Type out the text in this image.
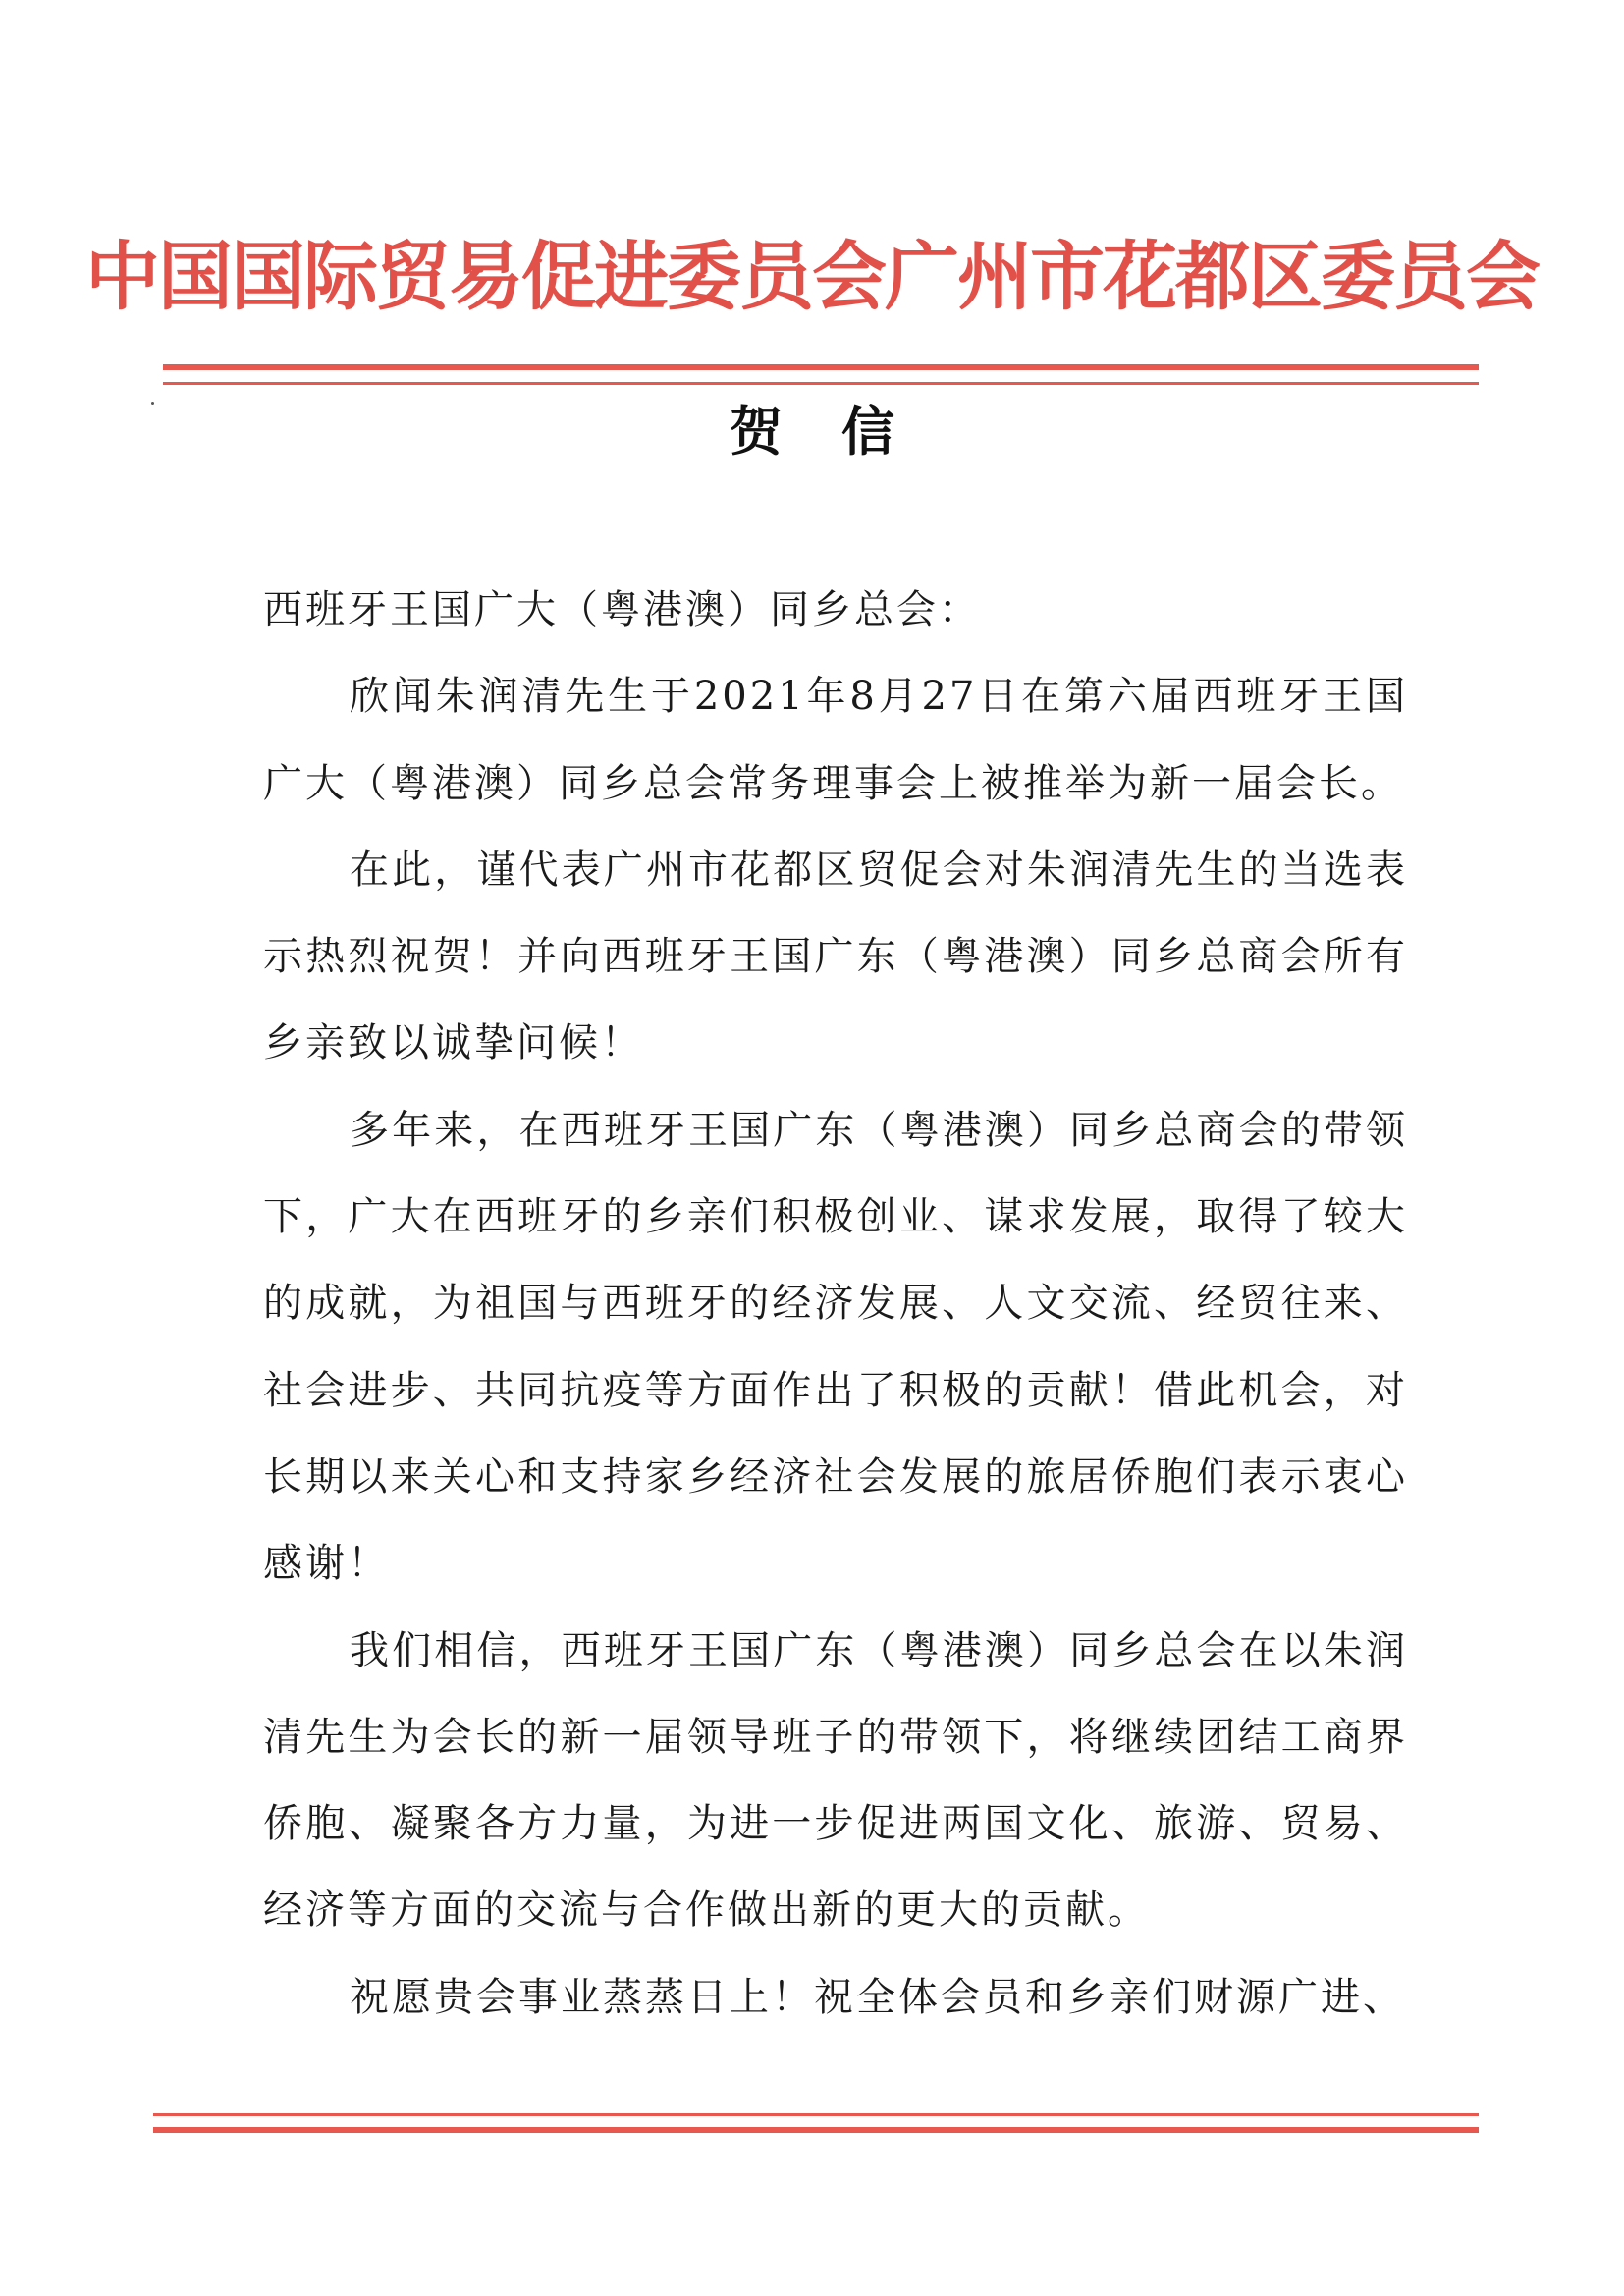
中国国际贸易促进委员会广州市花都区委员会
贺信

西班牙王国广大（粤港澳）同乡总会：

欣闻朱润清先生于2021年8月27日在第六届西班牙王国广大（粤港澳）同乡总会常务理事会上被推举为新一届会长。

在此，谨代表广州市花都区贸促会对朱润清先生的当选表示热烈祝贺！并向西班牙王国广东（粤港澳）同乡总商会所有乡亲致以诚挚问候！

多年来，在西班牙王国广东（粤港澳）同乡总商会的带领下，广大在西班牙的乡亲们积极创业、谋求发展，取得了较大的成就，为祖国与西班牙的经济发展、人文交流、经贸往来、社会进步、共同抗疫等方面作出了积极的贡献！借此机会，对长期以来关心和支持家乡经济社会发展的旅居侨胞们表示衷心感谢！

我们相信，西班牙王国广东（粤港澳）同乡总会在以朱润清先生为会长的新一届领导班子的带领下，将继续团结工商界侨胞、凝聚各方力量，为进一步促进两国文化、旅游、贸易、经济等方面的交流与合作做出新的更大的贡献。

祝愿贵会事业蒸蒸日上！祝全体会员和乡亲们财源广进、
